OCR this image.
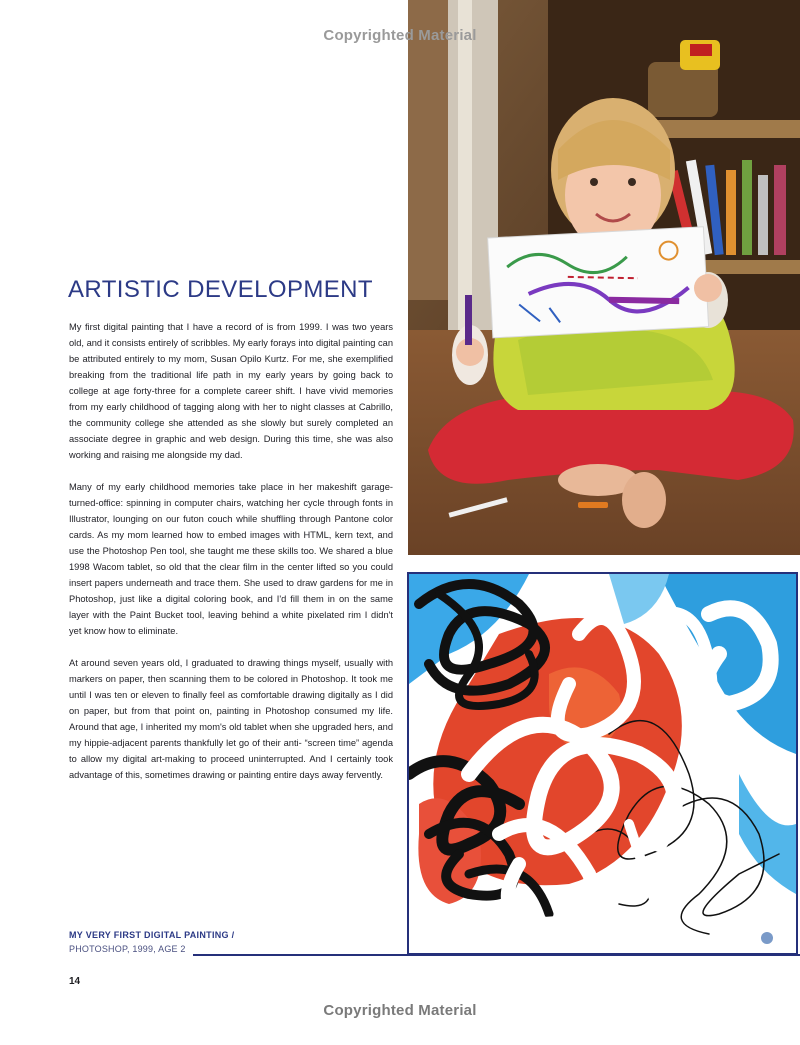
Copyrighted Material
ARTISTIC DEVELOPMENT

My first digital painting that I have a record of is from 1999. I was two years old, and it consists entirely of scribbles. My early forays into digital painting can be attributed entirely to my mom, Susan Opilo Kurtz. For me, she exemplified breaking from the traditional life path in my early years by going back to college at age forty-three for a complete career shift. I have vivid memories from my early childhood of tagging along with her to night classes at Cabrillo, the community college she attended as she slowly but surely completed an associate degree in graphic and web design. During this time, she was also working and raising me alongside my dad.

Many of my early childhood memories take place in her makeshift garage-turned-office: spinning in computer chairs, watching her cycle through fonts in Illustrator, lounging on our futon couch while shuffling through Pantone color cards. As my mom learned how to embed images with HTML, kern text, and use the Photoshop Pen tool, she taught me these skills too. We shared a blue 1998 Wacom tablet, so old that the clear film in the center lifted so you could insert papers underneath and trace them. She used to draw gardens for me in Photoshop, just like a digital coloring book, and I'd fill them in on the same layer with the Paint Bucket tool, leaving behind a white pixelated rim I didn't yet know how to eliminate.

At around seven years old, I graduated to drawing things myself, usually with markers on paper, then scanning them to be colored in Photoshop. It took me until I was ten or eleven to finally feel as comfortable drawing digitally as I did on paper, but from that point on, painting in Photoshop consumed my life. Around that age, I inherited my mom's old tablet when she upgraded hers, and my hippie-adjacent parents thankfully let go of their anti- “screen time” agenda to allow my digital art-making to proceed uninterrupted. And I certainly took advantage of this, sometimes drawing or painting entire days away fervently.

MY VERY FIRST DIGITAL PAINTING /
PHOTOSHOP, 1999, AGE 2
14
Copyrighted Material
